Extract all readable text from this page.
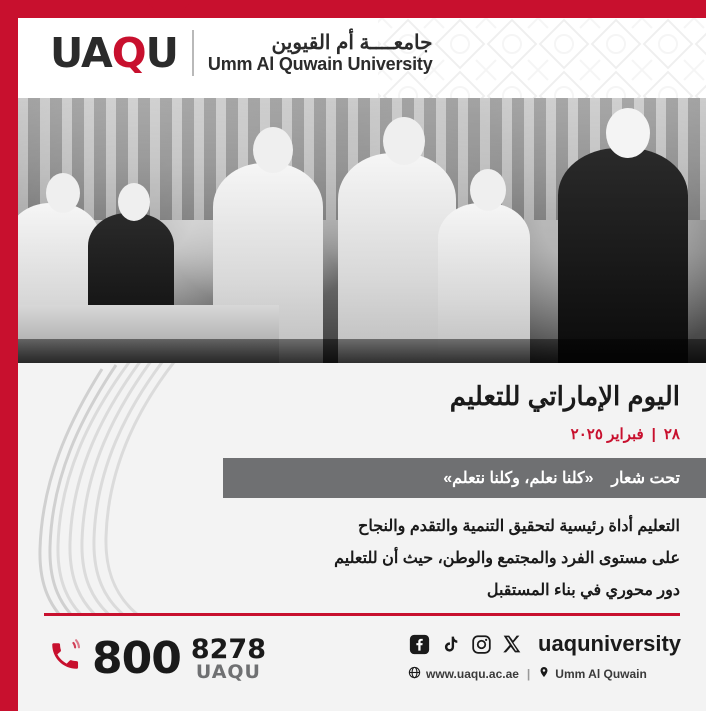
UAQU	جامعــــة أم القيوين
Umm Al Quwain University
اليوم الإماراتي للتعليم
٢٨
|
فبراير ٢٠٢٥
تحت شعار    «كلنا نعلم، وكلنا نتعلم»
التعليم أداة رئيسية لتحقيق التنمية والتقدم والنجاح
على مستوى الفرد والمجتمع والوطن، حيث أن للتعليم
دور محوري في بناء المستقبل
800 8278
UAQU
uaquniversity
www.uaqu.ac.ae | Umm Al Quwain
